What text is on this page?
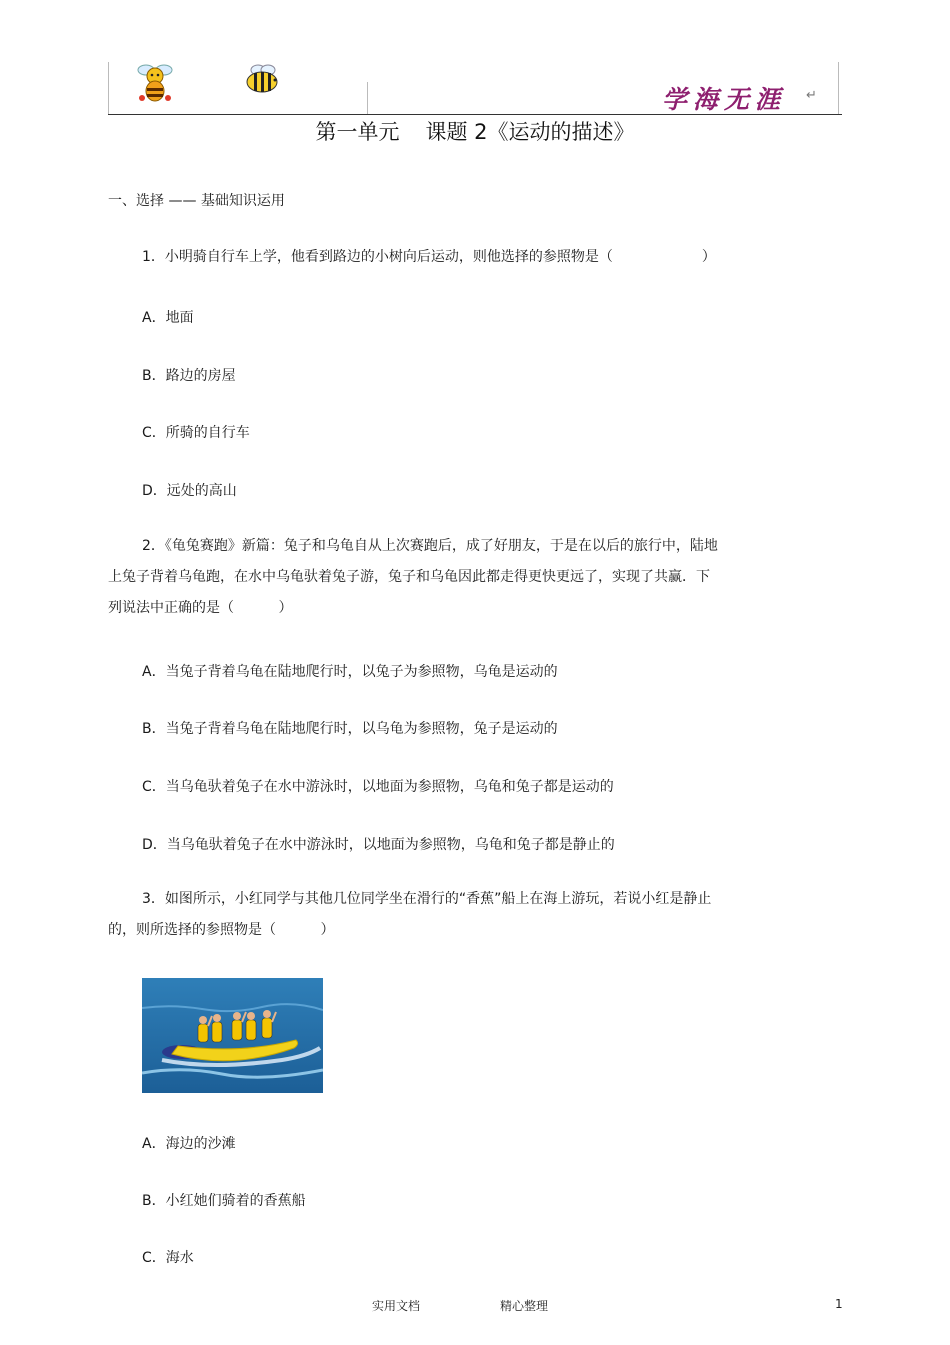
学海无涯 ↵
第一单元 课题 2《运动的描述》
一、选择 —— 基础知识运用
1．小明骑自行车上学，他看到路边的小树向后运动，则他选择的参照物是（                    ）
A．地面
B．路边的房屋
C．所骑的自行车
D．远处的高山
2．《龟兔赛跑》新篇：兔子和乌龟自从上次赛跑后，成了好朋友，于是在以后的旅行中，陆地
上兔子背着乌龟跑，在水中乌龟驮着兔子游，兔子和乌龟因此都走得更快更远了，实现了共赢．下
列说法中正确的是（          ）
A．当兔子背着乌龟在陆地爬行时，以兔子为参照物，乌龟是运动的
B．当兔子背着乌龟在陆地爬行时，以乌龟为参照物，兔子是运动的
C．当乌龟驮着兔子在水中游泳时，以地面为参照物，乌龟和兔子都是运动的
D．当乌龟驮着兔子在水中游泳时，以地面为参照物，乌龟和兔子都是静止的
3．如图所示，小红同学与其他几位同学坐在滑行的“香蕉”船上在海上游玩，若说小红是静止
的，则所选择的参照物是（          ）
A．海边的沙滩
B．小红她们骑着的香蕉船
C．海水
实用文档	精心整理	1
